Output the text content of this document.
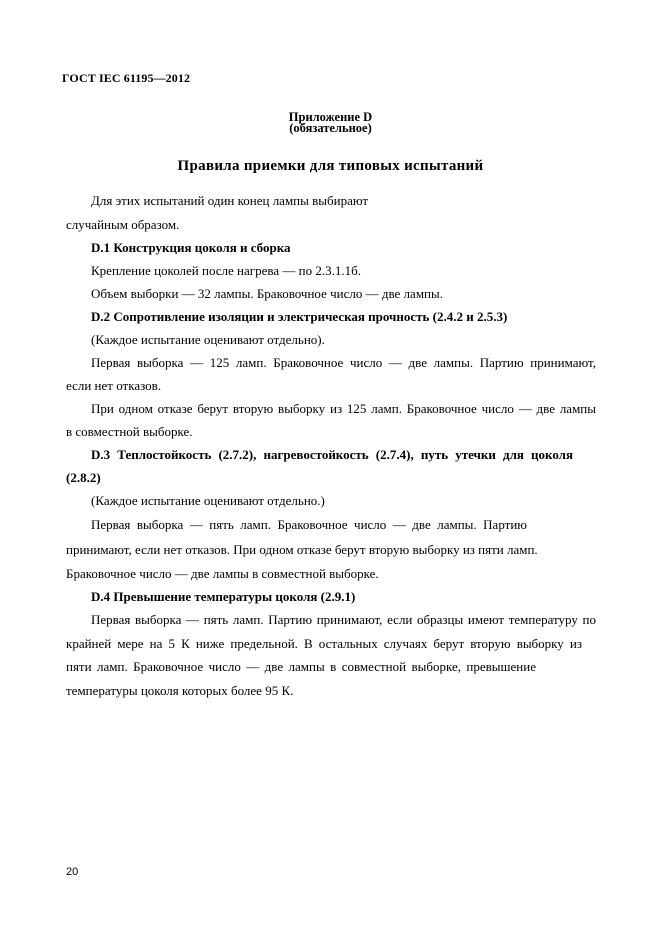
ГОСТ IEC 61195—2012
Приложение D
(обязательное)
Правила приемки для типовых испытаний
Для этих испытаний один конец лампы выбирают
случайным образом.
D.1 Конструкция цоколя и сборка
Крепление цоколей после нагрева — по 2.3.1.1б.
Объем выборки — 32 лампы. Браковочное число — две лампы.
D.2 Сопротивление изоляции и электрическая прочность (2.4.2 и 2.5.3)
(Каждое испытание оценивают отдельно).
Первая выборка — 125 ламп. Браковочное число — две лампы. Партию принимают,
если нет отказов.
При одном отказе берут вторую выборку из 125 ламп. Браковочное число — две лампы
в совместной выборке.
D.3 Теплостойкость (2.7.2), нагревостойкость (2.7.4), путь утечки для цоколя
(2.8.2)
(Каждое испытание оценивают отдельно.)
Первая выборка — пять ламп. Браковочное число — две лампы. Партию
принимают, если нет отказов. При одном отказе берут вторую выборку из пяти ламп.
Браковочное число — две лампы в совместной выборке.
D.4 Превышение температуры цоколя (2.9.1)
Первая выборка — пять ламп. Партию принимают, если образцы имеют температуру по
крайней мере на 5 К ниже предельной. В остальных случаях берут вторую выборку из
пяти ламп. Браковочное число — две лампы в совместной выборке, превышение
температуры цоколя которых более 95 К.
20
